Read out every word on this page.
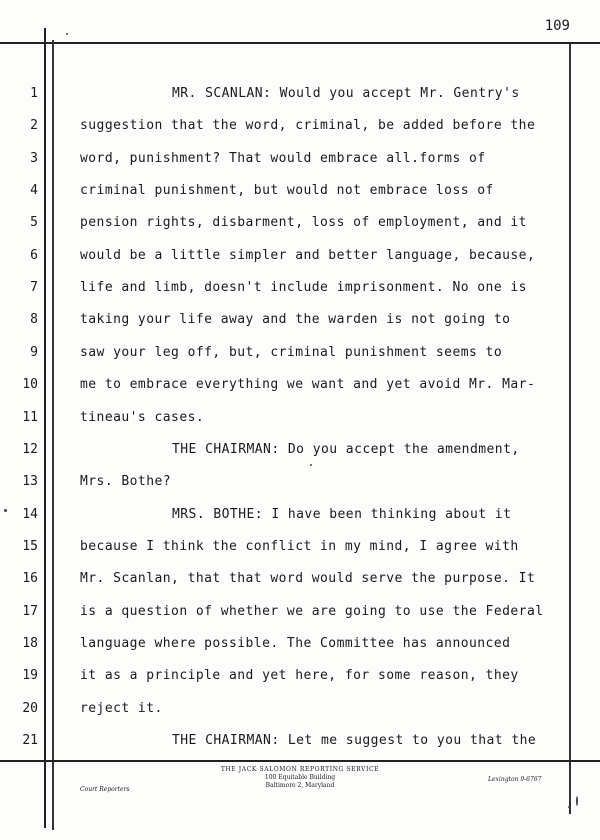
109
1	MR. SCANLAN: Would you accept Mr. Gentry's
2	suggestion that the word, criminal, be added before the
3	word, punishment? That would embrace all.forms of
4	criminal punishment, but would not embrace loss of
5	pension rights, disbarment, loss of employment, and it
6	would be a little simpler and better language, because,
7	life and limb, doesn't include imprisonment. No one is
8	taking your life away and the warden is not going to
9	saw your leg off, but, criminal punishment seems to
10	me to embrace everything we want and yet avoid Mr. Mar-
11	tineau's cases.
12	THE CHAIRMAN: Do you accept the amendment,
13	Mrs. Bothe?
14	MRS. BOTHE: I have been thinking about it
15	because I think the conflict in my mind, I agree with
16	Mr. Scanlan, that that word would serve the purpose. It
17	is a question of whether we are going to use the Federal
18	language where possible. The Committee has announced
19	it as a principle and yet here, for some reason, they
20	reject it.
21	THE CHAIRMAN: Let me suggest to you that the
THE JACK SALOMON REPORTING SERVICE
100 Equitable Building
Baltimore 2, Maryland
Court Reporters
Lexington 9-6767
